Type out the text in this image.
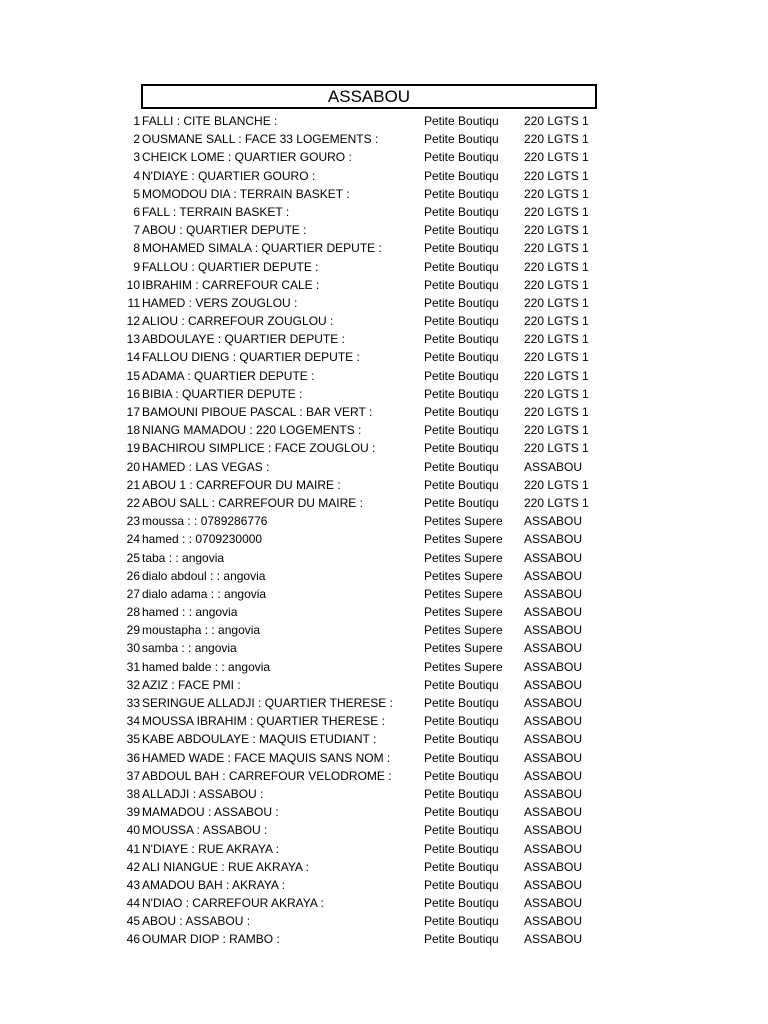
ASSABOU
1 FALLI : CITE BLANCHE :	Petite Boutiqu	220 LGTS 1
2 OUSMANE SALL : FACE 33 LOGEMENTS :	Petite Boutiqu	220 LGTS 1
3 CHEICK LOME : QUARTIER GOURO :	Petite Boutiqu	220 LGTS 1
4 N'DIAYE : QUARTIER GOURO :	Petite Boutiqu	220 LGTS 1
5 MOMODOU DIA : TERRAIN BASKET :	Petite Boutiqu	220 LGTS 1
6 FALL : TERRAIN BASKET :	Petite Boutiqu	220 LGTS 1
7 ABOU : QUARTIER DEPUTE :	Petite Boutiqu	220 LGTS 1
8 MOHAMED SIMALA : QUARTIER DEPUTE :	Petite Boutiqu	220 LGTS 1
9 FALLOU : QUARTIER DEPUTE :	Petite Boutiqu	220 LGTS 1
10 IBRAHIM : CARREFOUR CALE :	Petite Boutiqu	220 LGTS 1
11 HAMED : VERS ZOUGLOU :	Petite Boutiqu	220 LGTS 1
12 ALIOU : CARREFOUR ZOUGLOU :	Petite Boutiqu	220 LGTS 1
13 ABDOULAYE : QUARTIER DEPUTE :	Petite Boutiqu	220 LGTS 1
14 FALLOU DIENG : QUARTIER DEPUTE :	Petite Boutiqu	220 LGTS 1
15 ADAMA : QUARTIER DEPUTE :	Petite Boutiqu	220 LGTS 1
16 BIBIA : QUARTIER DEPUTE :	Petite Boutiqu	220 LGTS 1
17 BAMOUNI PIBOUE PASCAL : BAR VERT :	Petite Boutiqu	220 LGTS 1
18 NIANG MAMADOU : 220 LOGEMENTS :	Petite Boutiqu	220 LGTS 1
19 BACHIROU SIMPLICE : FACE ZOUGLOU :	Petite Boutiqu	220 LGTS 1
20 HAMED : LAS VEGAS :	Petite Boutiqu	ASSABOU
21 ABOU 1 : CARREFOUR DU MAIRE :	Petite Boutiqu	220 LGTS 1
22 ABOU SALL : CARREFOUR DU MAIRE :	Petite Boutiqu	220 LGTS 1
23 moussa : : 0789286776	Petites Supere	ASSABOU
24 hamed : : 0709230000	Petites Supere	ASSABOU
25 taba : : angovia	Petites Supere	ASSABOU
26 dialo abdoul : : angovia	Petites Supere	ASSABOU
27 dialo adama : : angovia	Petites Supere	ASSABOU
28 hamed : : angovia	Petites Supere	ASSABOU
29 moustapha : : angovia	Petites Supere	ASSABOU
30 samba : : angovia	Petites Supere	ASSABOU
31 hamed balde : : angovia	Petites Supere	ASSABOU
32 AZIZ : FACE PMI :	Petite Boutiqu	ASSABOU
33 SERINGUE ALLADJI : QUARTIER THERESE :	Petite Boutiqu	ASSABOU
34 MOUSSA IBRAHIM : QUARTIER THERESE :	Petite Boutiqu	ASSABOU
35 KABE ABDOULAYE : MAQUIS ETUDIANT :	Petite Boutiqu	ASSABOU
36 HAMED WADE : FACE MAQUIS SANS NOM :	Petite Boutiqu	ASSABOU
37 ABDOUL BAH : CARREFOUR VELODROME :	Petite Boutiqu	ASSABOU
38 ALLADJI : ASSABOU :	Petite Boutiqu	ASSABOU
39 MAMADOU : ASSABOU :	Petite Boutiqu	ASSABOU
40 MOUSSA : ASSABOU :	Petite Boutiqu	ASSABOU
41 N'DIAYE : RUE AKRAYA :	Petite Boutiqu	ASSABOU
42 ALI NIANGUE : RUE AKRAYA :	Petite Boutiqu	ASSABOU
43 AMADOU BAH : AKRAYA :	Petite Boutiqu	ASSABOU
44 N'DIAO : CARREFOUR AKRAYA :	Petite Boutiqu	ASSABOU
45 ABOU : ASSABOU :	Petite Boutiqu	ASSABOU
46 OUMAR DIOP : RAMBO :	Petite Boutiqu	ASSABOU
